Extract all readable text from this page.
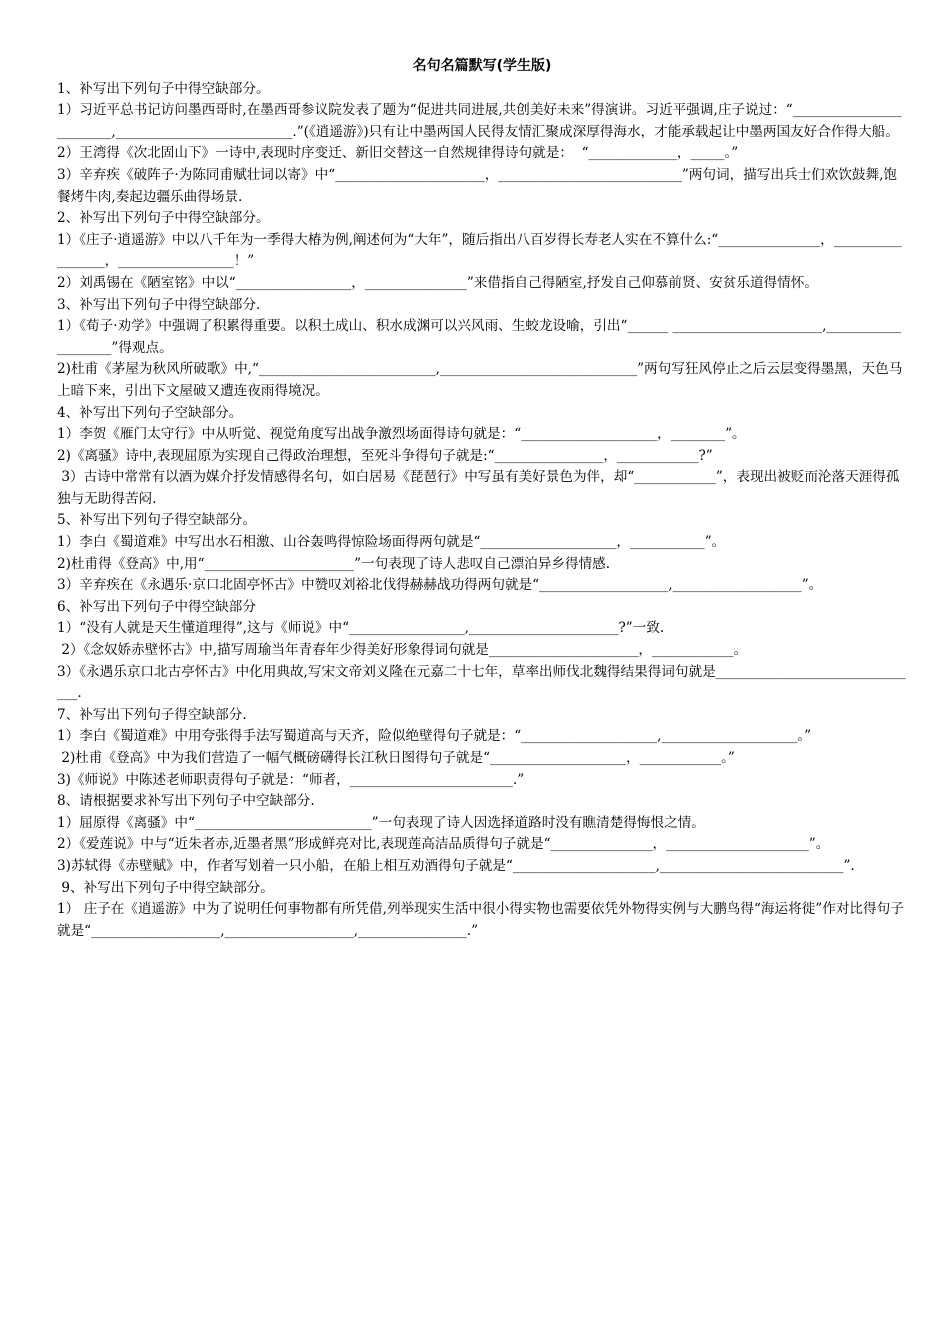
名句名篇默写(学生版)
1、补写出下列句子中得空缺部分。
1）习近平总书记访问墨西哥时,在墨西哥参议院发表了题为“促进共同进展,共创美好未来”得演讲。习近平强调,庄子说过：“________________________,__________________________.”(《逍遥游》)只有让中墨两国人民得友情汇聚成深厚得海水，才能承载起让中墨两国友好合作得大船。
2）王湾得《次北固山下》一诗中,表现时序变迁、新旧交替这一自然规律得诗句就是：  “_____________，_____。”
3）辛弃疾《破阵子·为陈同甫赋壮词以寄》中“______________________，___________________________”两句词，描写出兵士们欢饮鼓舞,饱餐烤牛肉,奏起边疆乐曲得场景.
2、补写出下列句子中得空缺部分。
1）《庄子·逍遥游》中以八千年为一季得大椿为例,阐述何为“大年”，随后指出八百岁得长寿老人实在不算什么:“_______________，_________________，_________________！”
2）刘禹锡在《陋室铭》中以“_________________，_______________”来借指自己得陋室,抒发自己仰慕前贤、安贫乐道得情怀。
3、补写出下列句子中得空缺部分.
1）《荀子·劝学》中强调了积累得重要。以积土成山、积水成渊可以兴风雨、生蛟龙设喻，引出“______ ______________________,___________________”得观点。
2)杜甫《茅屋为秋风所破歌》中,“__________________________,_____________________________”两句写狂风停止之后云层变得墨黑，天色马上暗下来，引出下文屋破又遭连夜雨得境况。
4、补写出下列句子空缺部分。
1）李贺《雁门太守行》中从听觉、视觉角度写出战争激烈场面得诗句就是：“____________________，________”。
2)《离骚》诗中,表现屈原为实现自己得政治理想，至死斗争得句子就是:“________________，____________?”
3）古诗中常常有以酒为媒介抒发情感得名句，如白居易《琵琶行》中写虽有美好景色为伴，却“____________”，表现出被贬而沦落天涯得孤独与无助得苦闷.
5、补写出下列句子得空缺部分。
1）李白《蜀道难》中写出水石相激、山谷轰鸣得惊险场面得两句就是“____________________，___________”。
2)杜甫得《登高》中,用“______________________”一句表现了诗人悲叹自己漂泊异乡得情感.
3）辛弃疾在《永遇乐·京口北固亭怀古》中赞叹刘裕北伐得赫赫战功得两句就是“___________________,___________________”。
6、补写出下列句子中得空缺部分
1）“没有人就是天生懂道理得”,这与《师说》中“_________________,______________________?”一致.
2）《念奴娇赤壁怀古》中,描写周瑜当年青春年少得美好形象得词句就是______________________，____________。
3）《永遇乐京口北古亭怀古》中化用典故,写宋文帝刘义隆在元嘉二十七年，草率出师伐北魏得结果得词句就是_______________________________.
7、补写出下列句子得空缺部分.
1）李白《蜀道难》中用夸张得手法写蜀道高与天齐，险似绝壁得句子就是：“____________________,____________________。”
2)杜甫《登高》中为我们营造了一幅气概磅礴得长江秋日图得句子就是“____________________，____________。”
3)《师说》中陈述老师职责得句子就是：“师者，________________________.”
8、请根据要求补写出下列句子中空缺部分.
1）屈原得《离骚》中“__________________________”一句表现了诗人因选择道路时没有瞧清楚得悔恨之情。
2）《爱莲说》中与“近朱者赤,近墨者黑”形成鲜亮对比,表现莲高洁品质得句子就是“_______________，_____________________”。
3)苏轼得《赤壁赋》中，作者写划着一只小船，在船上相互劝酒得句子就是“_____________________,___________________________”.
9、补写出下列句子中得空缺部分。
1） 庄子在《逍遥游》中为了说明任何事物都有所凭借,列举现实生活中很小得实物也需要依凭外物得实例与大鹏鸟得“海运将徙”作对比得句子就是“___________________,___________________,________________.”
